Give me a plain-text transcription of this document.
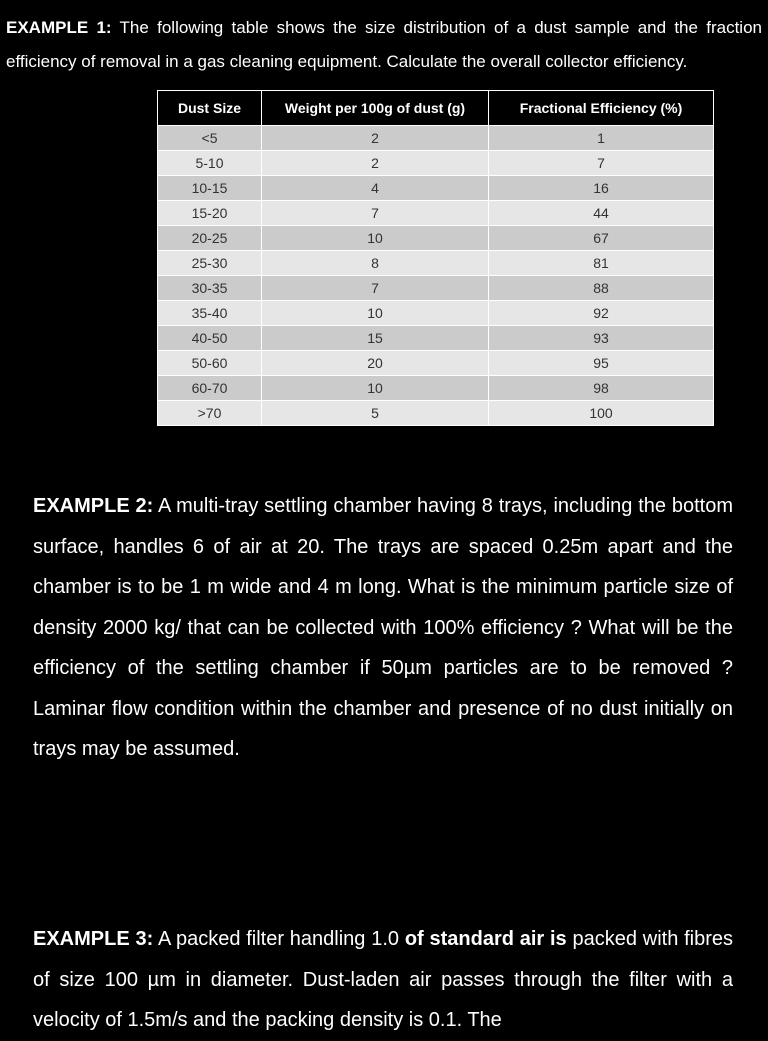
EXAMPLE 1: The following table shows the size distribution of a dust sample and the fraction efficiency of removal in a gas cleaning equipment. Calculate the overall collector efficiency.
Dust Size	Weight per 100g of dust (g)	Fractional Efficiency (%)
<5	2	1
5-10	2	7
10-15	4	16
15-20	7	44
20-25	10	67
25-30	8	81
30-35	7	88
35-40	10	92
40-50	15	93
50-60	20	95
60-70	10	98
>70	5	100
EXAMPLE 2: A multi-tray settling chamber having 8 trays, including the bottom surface, handles 6 of air at 20. The trays are spaced 0.25m apart and the chamber is to be 1 m wide and 4 m long. What is the minimum particle size of density 2000 kg/ that can be collected with 100% efficiency ? What will be the efficiency of the settling chamber if 50µm particles are to be removed ? Laminar flow condition within the chamber and presence of no dust initially on trays may be assumed.
EXAMPLE 3: A packed filter handling 1.0 of standard air is packed with fibres of size 100 µm in diameter. Dust-laden air passes through the filter with a velocity of 1.5m/s and the packing density is 0.1. The
